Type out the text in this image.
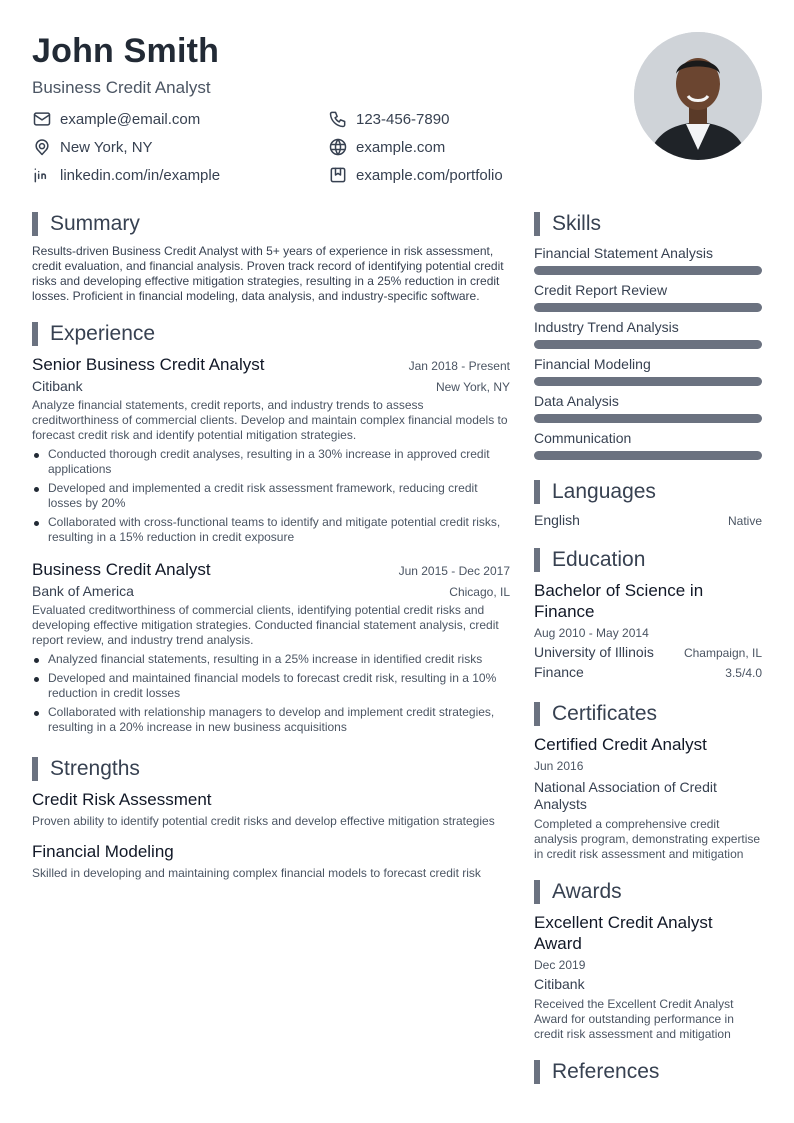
John Smith
Business Credit Analyst
example@email.com	123-456-7890
New York, NY	example.com
linkedin.com/in/example	example.com/portfolio
Summary
Results-driven Business Credit Analyst with 5+ years of experience in risk assessment, credit evaluation, and financial analysis. Proven track record of identifying potential credit risks and developing effective mitigation strategies, resulting in a 25% reduction in credit losses. Proficient in financial modeling, data analysis, and industry-specific software.
Experience
Senior Business Credit Analyst	Jan 2018 - Present
Citibank	New York, NY
Analyze financial statements, credit reports, and industry trends to assess creditworthiness of commercial clients. Develop and maintain complex financial models to forecast credit risk and identify potential mitigation strategies.
Conducted thorough credit analyses, resulting in a 30% increase in approved credit applications
Developed and implemented a credit risk assessment framework, reducing credit losses by 20%
Collaborated with cross-functional teams to identify and mitigate potential credit risks, resulting in a 15% reduction in credit exposure
Business Credit Analyst	Jun 2015 - Dec 2017
Bank of America	Chicago, IL
Evaluated creditworthiness of commercial clients, identifying potential credit risks and developing effective mitigation strategies. Conducted financial statement analysis, credit report review, and industry trend analysis.
Analyzed financial statements, resulting in a 25% increase in identified credit risks
Developed and maintained financial models to forecast credit risk, resulting in a 10% reduction in credit losses
Collaborated with relationship managers to develop and implement credit strategies, resulting in a 20% increase in new business acquisitions
Strengths
Credit Risk Assessment
Proven ability to identify potential credit risks and develop effective mitigation strategies
Financial Modeling
Skilled in developing and maintaining complex financial models to forecast credit risk
Skills
Financial Statement Analysis
Credit Report Review
Industry Trend Analysis
Financial Modeling
Data Analysis
Communication
Languages
English	Native
Education
Bachelor of Science in Finance
Aug 2010 - May 2014
University of Illinois	Champaign, IL
Finance	3.5/4.0
Certificates
Certified Credit Analyst
Jun 2016
National Association of Credit Analysts
Completed a comprehensive credit analysis program, demonstrating expertise in credit risk assessment and mitigation
Awards
Excellent Credit Analyst Award
Dec 2019
Citibank
Received the Excellent Credit Analyst Award for outstanding performance in credit risk assessment and mitigation
References
